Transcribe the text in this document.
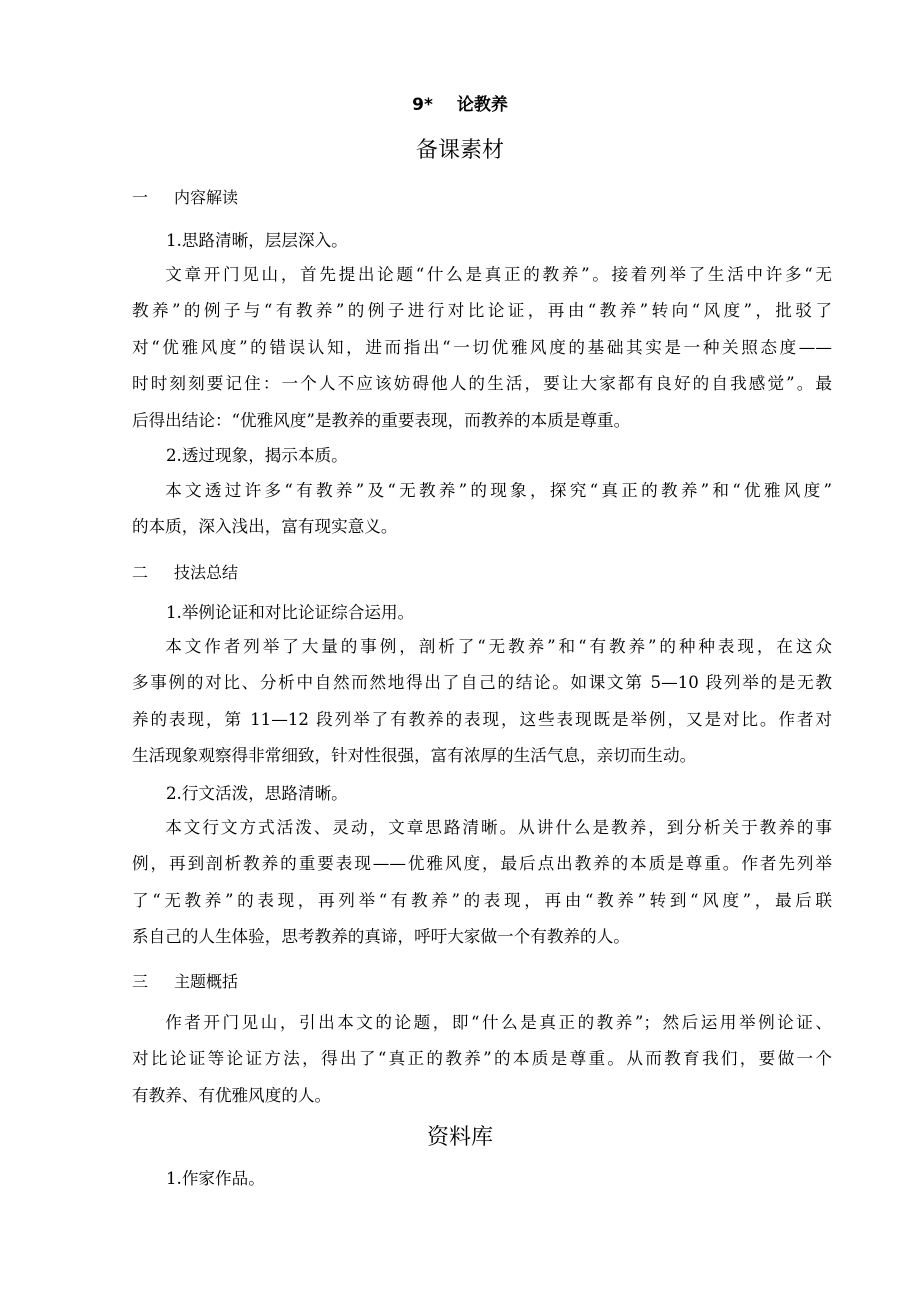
9* 论教养
备课素材
一 内容解读
1.思路清晰，层层深入。

文章开门见山，首先提出论题“什么是真正的教养”。接着列举了生活中许多“无
教养”的例子与“有教养”的例子进行对比论证，再由“教养”转向“风度”，批驳了
对“优雅风度”的错误认知，进而指出“一切优雅风度的基础其实是一种关照态度——
时时刻刻要记住：一个人不应该妨碍他人的生活，要让大家都有良好的自我感觉”。最
后得出结论：“优雅风度”是教养的重要表现，而教养的本质是尊重。

2.透过现象，揭示本质。

本文透过许多“有教养”及“无教养”的现象，探究“真正的教养”和“优雅风度”
的本质，深入浅出，富有现实意义。

二 技法总结
1.举例论证和对比论证综合运用。

本文作者列举了大量的事例，剖析了“无教养”和“有教养”的种种表现，在这众
多事例的对比、分析中自然而然地得出了自己的结论。如课文第 5—10 段列举的是无教
养的表现，第 11—12 段列举了有教养的表现，这些表现既是举例，又是对比。作者对
生活现象观察得非常细致，针对性很强，富有浓厚的生活气息，亲切而生动。

2.行文活泼，思路清晰。

本文行文方式活泼、灵动，文章思路清晰。从讲什么是教养，到分析关于教养的事
例，再到剖析教养的重要表现——优雅风度，最后点出教养的本质是尊重。作者先列举
了“无教养”的表现，再列举“有教养”的表现，再由“教养”转到“风度”，最后联
系自己的人生体验，思考教养的真谛，呼吁大家做一个有教养的人。

三 主题概括

作者开门见山，引出本文的论题，即“什么是真正的教养”；然后运用举例论证、
对比论证等论证方法，得出了“真正的教养”的本质是尊重。从而教育我们，要做一个
有教养、有优雅风度的人。

资料库
1.作家作品。
